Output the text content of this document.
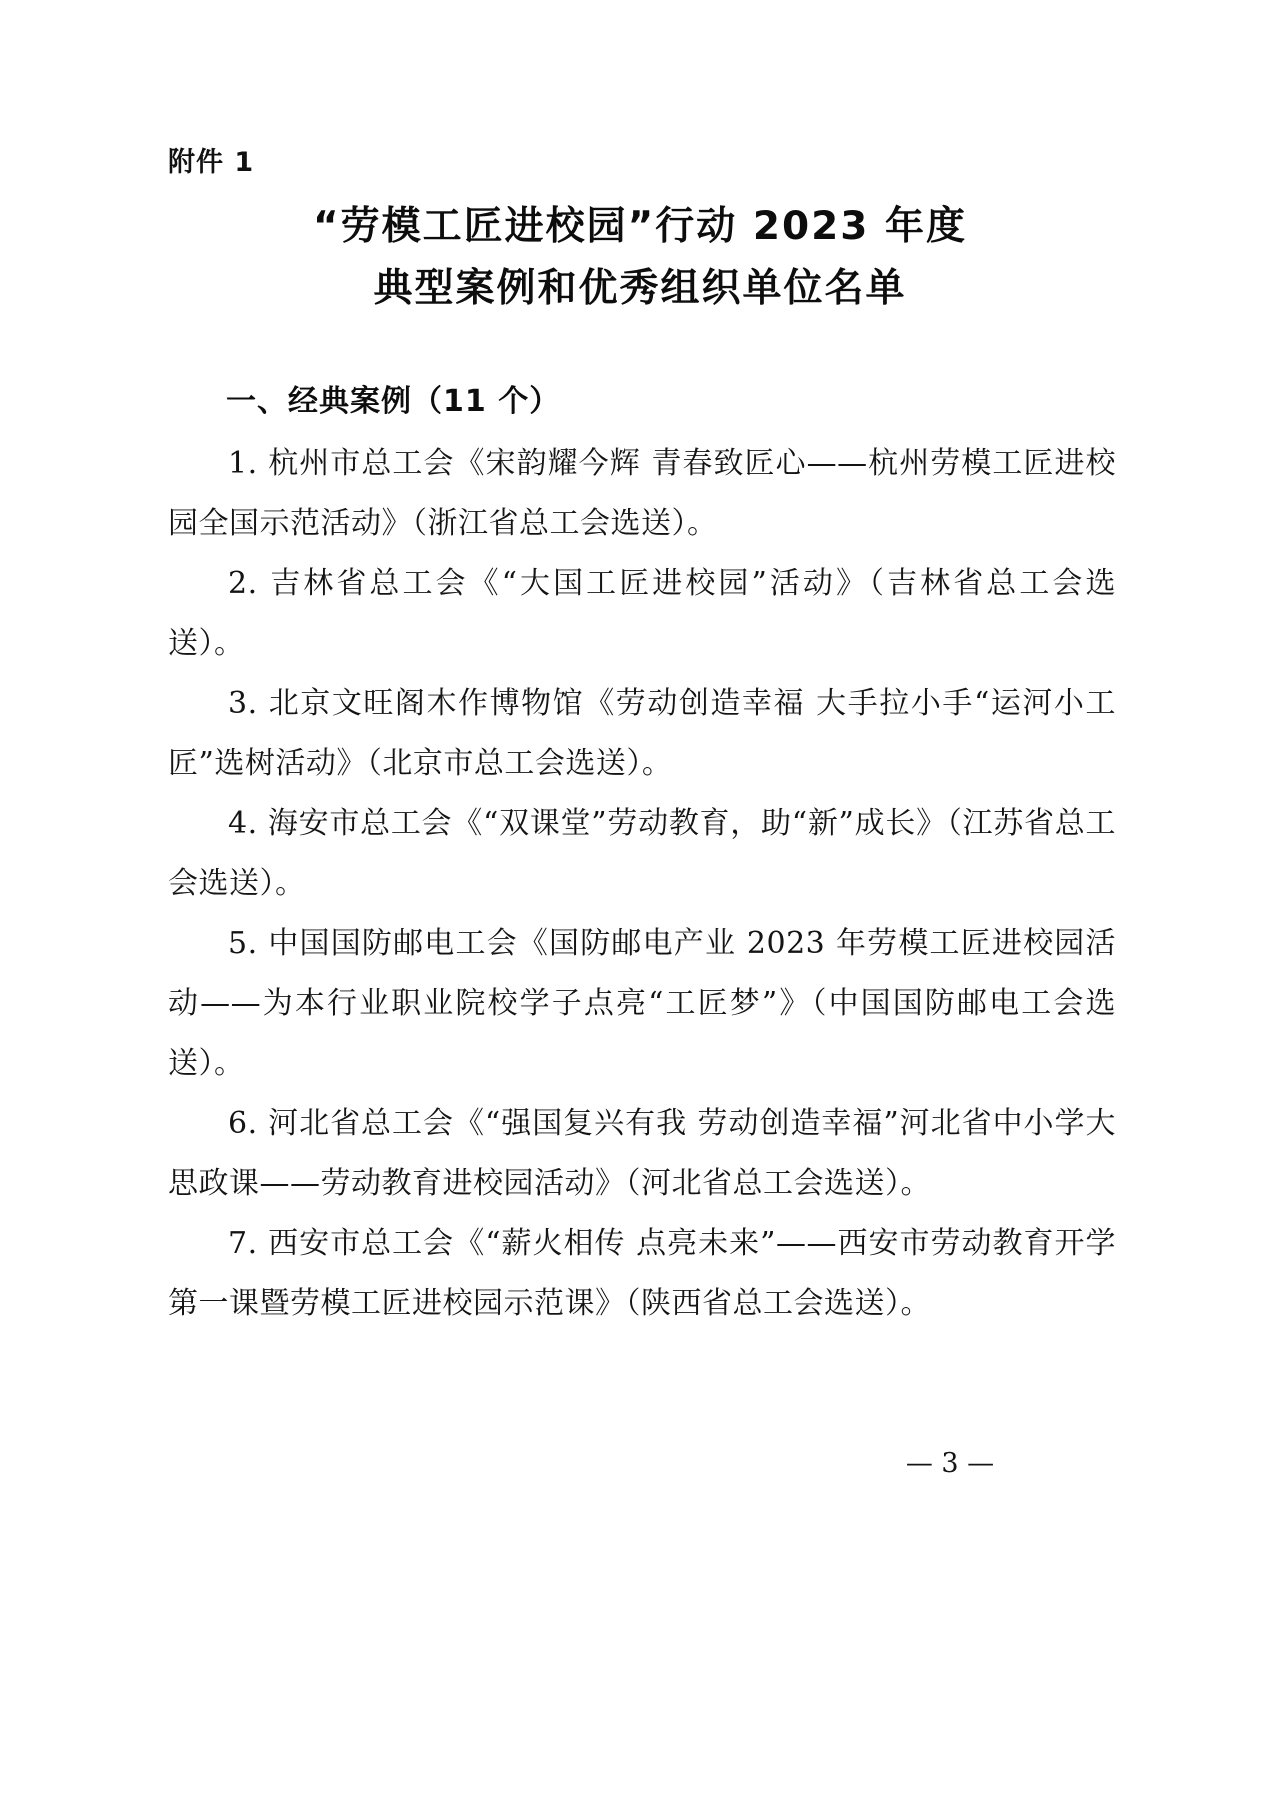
附件 1
“劳模工匠进校园”行动 2023 年度
典型案例和优秀组织单位名单
一、经典案例（11 个）

1. 杭州市总工会《宋韵耀今辉 青春致匠心——杭州劳模工匠进校园全国示范活动》（浙江省总工会选送）。

2. 吉林省总工会《“大国工匠进校园”活动》（吉林省总工会选送）。

3. 北京文旺阁木作博物馆《劳动创造幸福 大手拉小手“运河小工匠”选树活动》（北京市总工会选送）。

4. 海安市总工会《“双课堂”劳动教育，助“新”成长》（江苏省总工会选送）。

5. 中国国防邮电工会《国防邮电产业 2023 年劳模工匠进校园活动——为本行业职业院校学子点亮“工匠梦”》（中国国防邮电工会选送）。

6. 河北省总工会《“强国复兴有我 劳动创造幸福”河北省中小学大思政课——劳动教育进校园活动》（河北省总工会选送）。

7. 西安市总工会《“薪火相传 点亮未来”——西安市劳动教育开学第一课暨劳模工匠进校园示范课》（陕西省总工会选送）。

— 3 —
